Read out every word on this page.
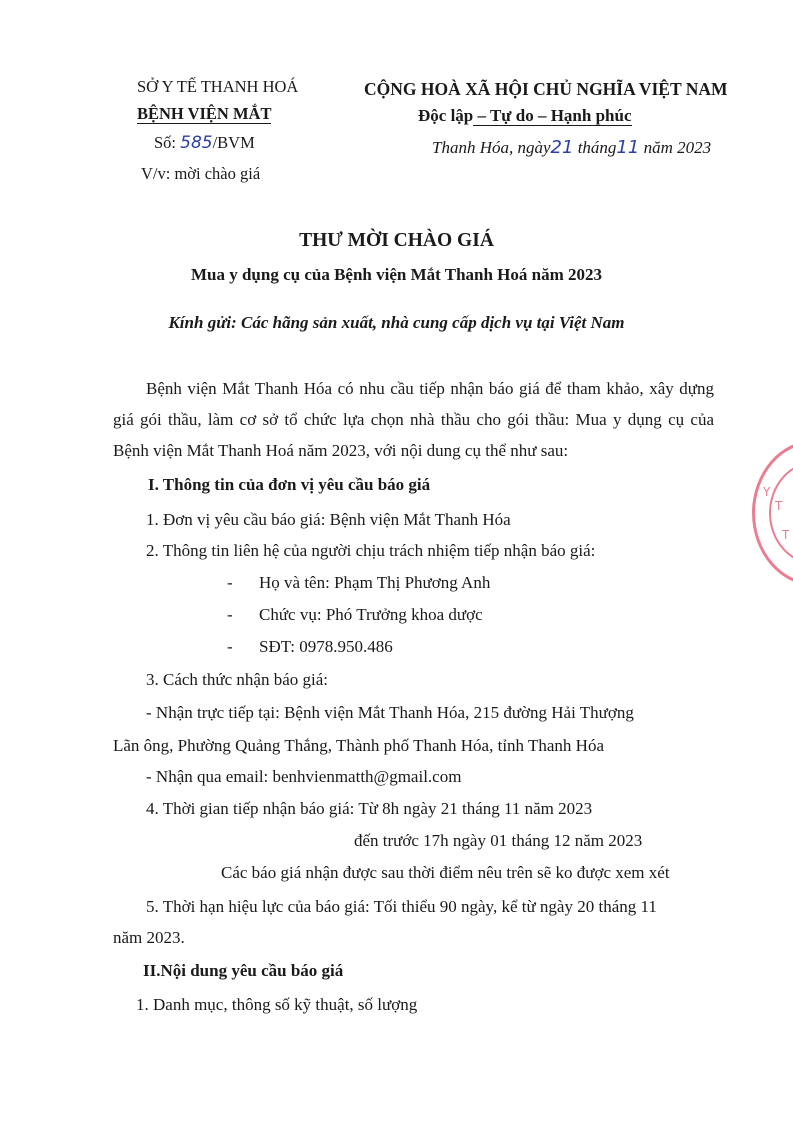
SỞ Y TẾ THANH HOÁ
BỆNH VIỆN MẮT
Số: 585/BVM
V/v: mời chào giá
CỘNG HOÀ XÃ HỘI CHỦ NGHĨA VIỆT NAM
Độc lập – Tự do – Hạnh phúc
Thanh Hóa, ngày21 tháng11 năm 2023
THƯ MỜI CHÀO GIÁ
Mua y dụng cụ của Bệnh viện Mắt Thanh Hoá năm 2023
Kính gửi: Các hãng sản xuất, nhà cung cấp dịch vụ tại Việt Nam
Bệnh viện Mắt Thanh Hóa có nhu cầu tiếp nhận báo giá để tham khảo, xây dựng giá gói thầu, làm cơ sở tổ chức lựa chọn nhà thầu cho gói thầu: Mua y dụng cụ của Bệnh viện Mắt Thanh Hoá năm 2023, với nội dung cụ thể như sau:
I. Thông tin của đơn vị yêu cầu báo giá
1. Đơn vị yêu cầu báo giá: Bệnh viện Mắt Thanh Hóa
2. Thông tin liên hệ của người chịu trách nhiệm tiếp nhận báo giá:
- Họ và tên: Phạm Thị Phương Anh
- Chức vụ: Phó Trưởng khoa dược
- SĐT: 0978.950.486
3. Cách thức nhận báo giá:
- Nhận trực tiếp tại: Bệnh viện Mắt Thanh Hóa, 215 đường Hải Thượng
Lãn ông, Phường Quảng Thắng, Thành phố Thanh Hóa, tỉnh Thanh Hóa
- Nhận qua email: benhvienmatth@gmail.com
4. Thời gian tiếp nhận báo giá: Từ 8h ngày 21 tháng 11 năm 2023
đến trước 17h ngày 01 tháng 12 năm 2023
Các báo giá nhận được sau thời điểm nêu trên sẽ ko được xem xét
5. Thời hạn hiệu lực của báo giá: Tối thiểu 90 ngày, kể từ ngày 20 tháng 11
năm 2023.
II.Nội dung yêu cầu báo giá
1. Danh mục, thông số kỹ thuật, số lượng
Y
T
T
